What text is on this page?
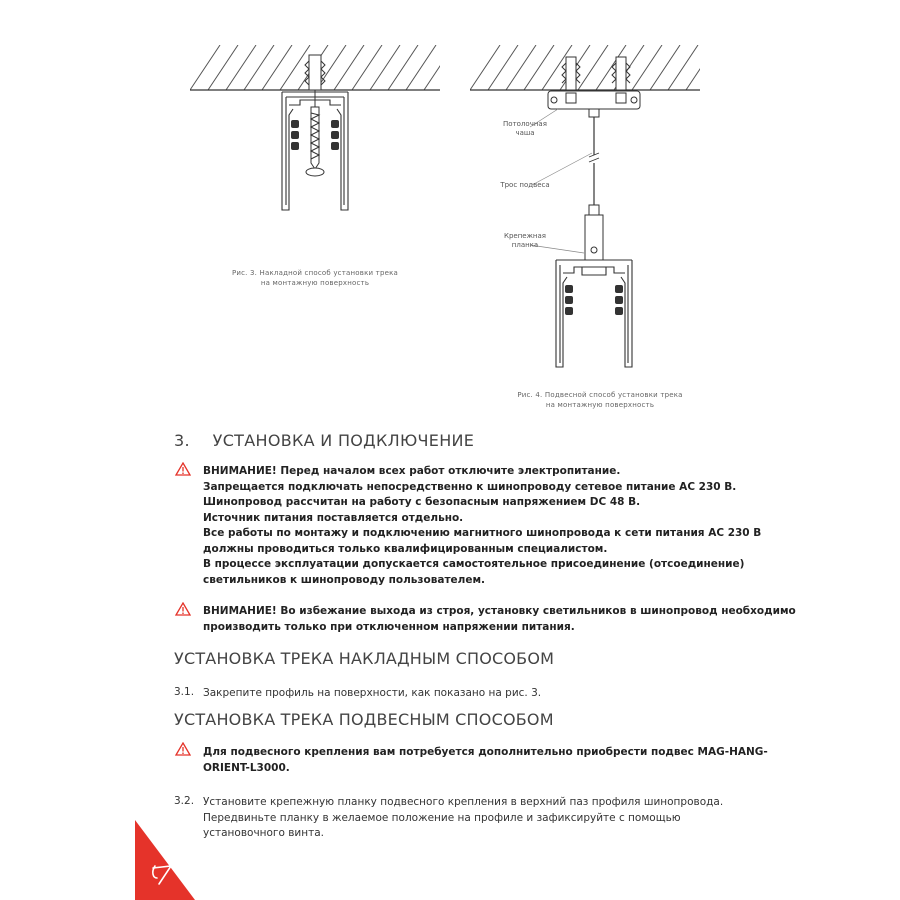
Рис. 3. Накладной способ установки трека
на монтажную поверхность
Потолочная
чаша
Трос подвеса
Крепежная
планка
Рис. 4. Подвесной способ установки трека
на монтажную поверхность
3. УСТАНОВКА И ПОДКЛЮЧЕНИЕ
ВНИМАНИЕ! Перед началом всех работ отключите электропитание.
Запрещается подключать непосредственно к шинопроводу сетевое питание AC 230 В.
Шинопровод рассчитан на работу с безопасным напряжением DC 48 В.
Источник питания поставляется отдельно.
Все работы по монтажу и подключению магнитного шинопровода к сети питания AC 230 В
должны проводиться только квалифицированным специалистом.
В процессе эксплуатации допускается самостоятельное присоединение (отсоединение)
светильников к шинопроводу пользователем.
ВНИМАНИЕ! Во избежание выхода из строя, установку светильников в шинопровод необходимо
производить только при отключенном напряжении питания.
УСТАНОВКА ТРЕКА НАКЛАДНЫМ СПОСОБОМ
3.1. Закрепите профиль на поверхности, как показано на рис. 3.
УСТАНОВКА ТРЕКА ПОДВЕСНЫМ СПОСОБОМ
Для подвесного крепления вам потребуется дополнительно приобрести подвес MAG-HANG-
ORIENT-L3000.
3.2. Установите крепежную планку подвесного крепления в верхний паз профиля шинопровода.
Передвиньте планку в желаемое положение на профиле и зафиксируйте с помощью
установочного винта.
